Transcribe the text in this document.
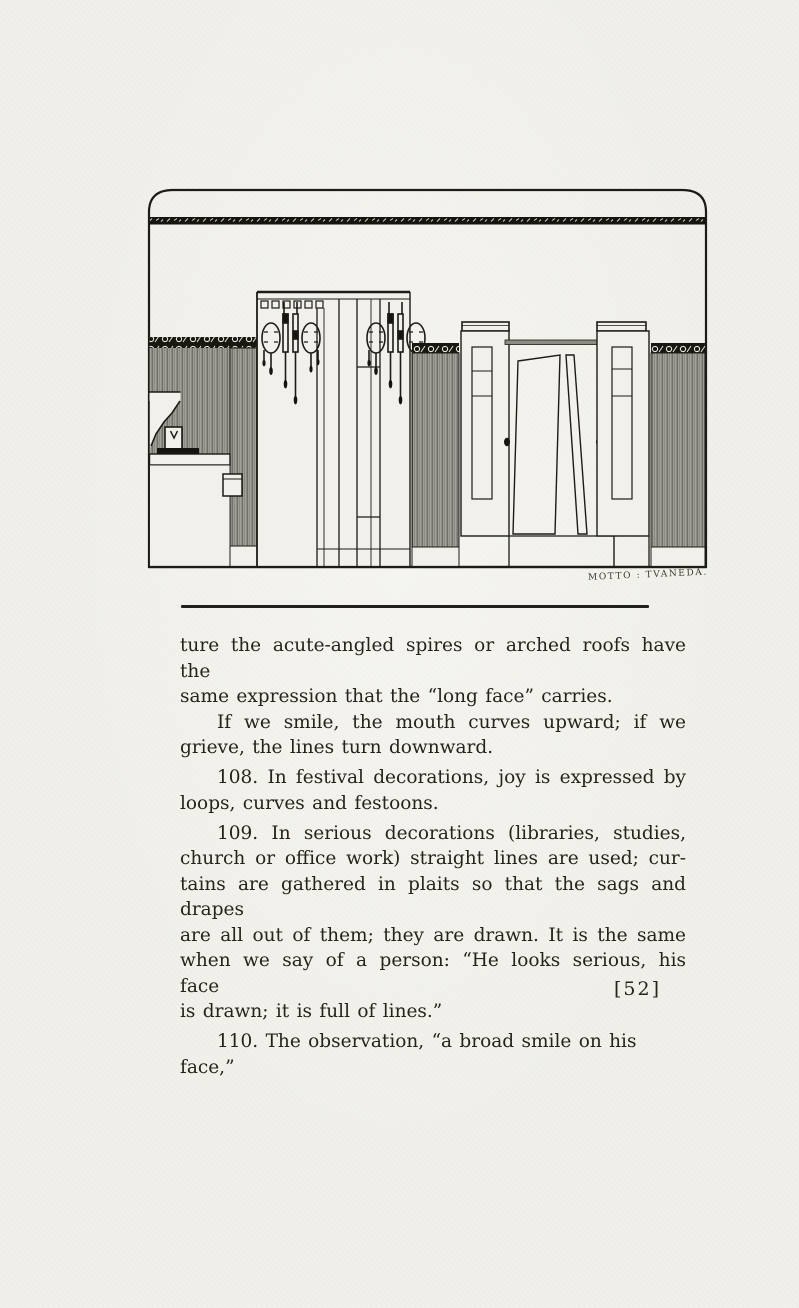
MOTTO : TVANEDA.
ture the acute-angled spires or arched roofs have the
same expression that the “long face” carries.
If we smile, the mouth curves upward; if we
grieve, the lines turn downward.
108. In festival decorations, joy is expressed by
loops, curves and festoons.
109. In serious decorations (libraries, studies,
church or office work) straight lines are used; cur-
tains are gathered in plaits so that the sags and drapes
are all out of them; they are drawn. It is the same
when we say of a person: “He looks serious, his face
is drawn; it is full of lines.”
110. The observation, “a broad smile on his face,”
[52]
